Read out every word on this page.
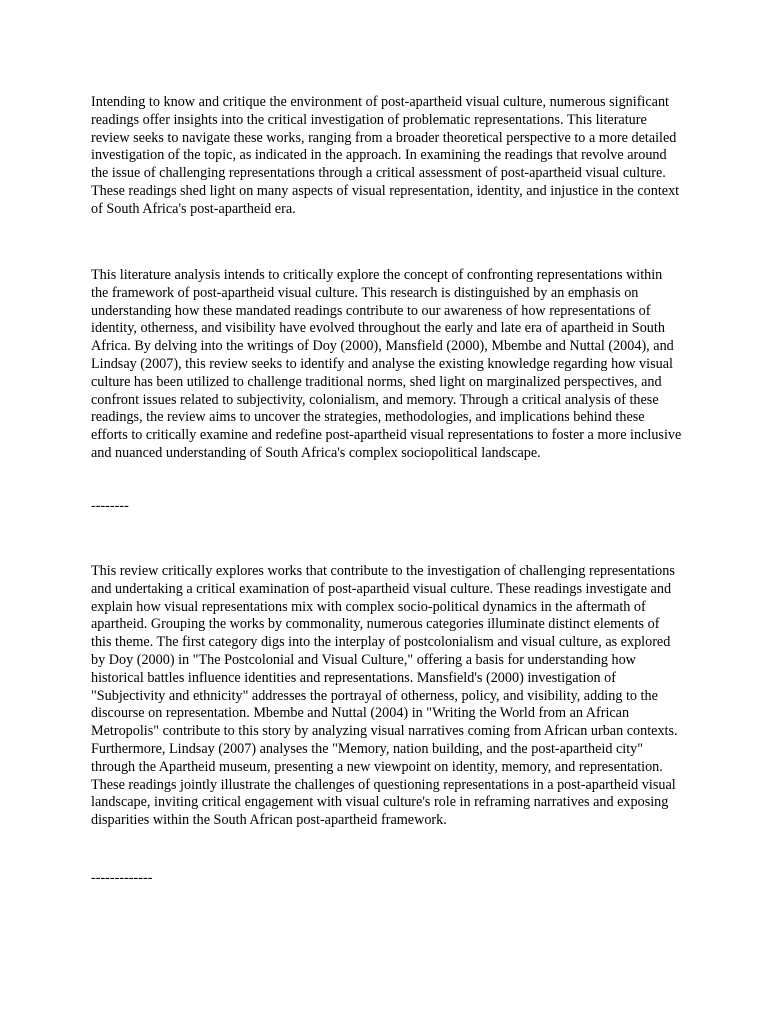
Intending to know and critique the environment of post-apartheid visual culture, numerous significant readings offer insights into the critical investigation of problematic representations. This literature review seeks to navigate these works, ranging from a broader theoretical perspective to a more detailed investigation of the topic, as indicated in the approach. In examining the readings that revolve around the issue of challenging representations through a critical assessment of post-apartheid visual culture. These readings shed light on many aspects of visual representation, identity, and injustice in the context of South Africa's post-apartheid era.

This literature analysis intends to critically explore the concept of confronting representations within the framework of post-apartheid visual culture. This research is distinguished by an emphasis on understanding how these mandated readings contribute to our awareness of how representations of identity, otherness, and visibility have evolved throughout the early and late era of apartheid in South Africa. By delving into the writings of Doy (2000), Mansfield (2000), Mbembe and Nuttal (2004), and Lindsay (2007), this review seeks to identify and analyse the existing knowledge regarding how visual culture has been utilized to challenge traditional norms, shed light on marginalized perspectives, and confront issues related to subjectivity, colonialism, and memory. Through a critical analysis of these readings, the review aims to uncover the strategies, methodologies, and implications behind these efforts to critically examine and redefine post-apartheid visual representations to foster a more inclusive and nuanced understanding of South Africa's complex sociopolitical landscape.

--------

This review critically explores works that contribute to the investigation of challenging representations and undertaking a critical examination of post-apartheid visual culture. These readings investigate and explain how visual representations mix with complex socio-political dynamics in the aftermath of apartheid. Grouping the works by commonality, numerous categories illuminate distinct elements of this theme. The first category digs into the interplay of postcolonialism and visual culture, as explored by Doy (2000) in "The Postcolonial and Visual Culture," offering a basis for understanding how historical battles influence identities and representations. Mansfield's (2000) investigation of "Subjectivity and ethnicity" addresses the portrayal of otherness, policy, and visibility, adding to the discourse on representation. Mbembe and Nuttal (2004) in "Writing the World from an African Metropolis" contribute to this story by analyzing visual narratives coming from African urban contexts. Furthermore, Lindsay (2007) analyses the "Memory, nation building, and the post-apartheid city" through the Apartheid museum, presenting a new viewpoint on identity, memory, and representation. These readings jointly illustrate the challenges of questioning representations in a post-apartheid visual landscape, inviting critical engagement with visual culture's role in reframing narratives and exposing disparities within the South African post-apartheid framework.

-------------
